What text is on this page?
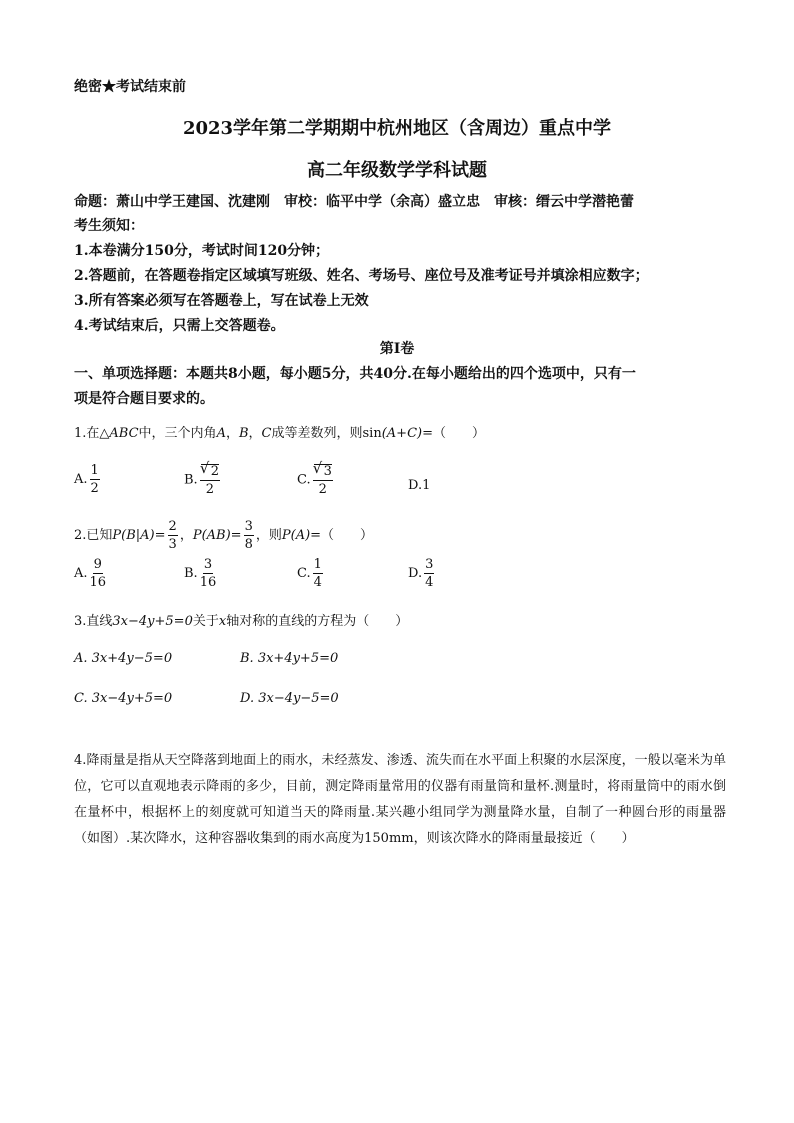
绝密★考试结束前
2023学年第二学期期中杭州地区（含周边）重点中学
高二年级数学学科试题
命题：萧山中学王建国、沈建刚　审校：临平中学（余高）盛立忠　审核：缙云中学潜艳蕾
考生须知：
1.本卷满分150分，考试时间120分钟；
2.答题前，在答题卷指定区域填写班级、姓名、考场号、座位号及准考证号并填涂相应数字；
3.所有答案必须写在答题卷上，写在试卷上无效
4.考试结束后，只需上交答题卷。
第Ⅰ卷
一、单项选择题：本题共8小题，每小题5分，共40分.在每小题给出的四个选项中，只有一
项是符合题目要求的。
1.在△ABC中，三个内角A，B，C成等差数列，则sin(A+C)=（　　）
A. $\frac{1}{2}$	B. √ $\frac{2}{2}$	C. √ $\frac{3}{2}$	D.1
2.已知$P(B|A)= \frac{2}{3}$ ，$P(AB)= \frac{3}{8}$ ，则P(A)=（　　）
A. $\frac{9}{16}$	B. $\frac{3}{16}$	C. $\frac{1}{4}$	D. $\frac{3}{4}$
3.直线3x−4y+5=0关于x轴对称的直线的方程为（　　）
A. 3x+4y−5=0	B. 3x+4y+5=0
C. 3x−4y+5=0	D. 3x−4y−5=0
4.降雨量是指从天空降落到地面上的雨水，未经蒸发、渗透、流失而在水平面上积聚的水层深度，一般以毫米为单位，它可以直观地表示降雨的多少，目前，测定降雨量常用的仪器有雨量筒和量杯.测量时，将雨量筒中的雨水倒在量杯中，根据杯上的刻度就可知道当天的降雨量.某兴趣小组同学为测量降水量，自制了一种圆台形的雨量器（如图）.某次降水，这种容器收集到的雨水高度为150mm，则该次降水的降雨量最接近（　　）
